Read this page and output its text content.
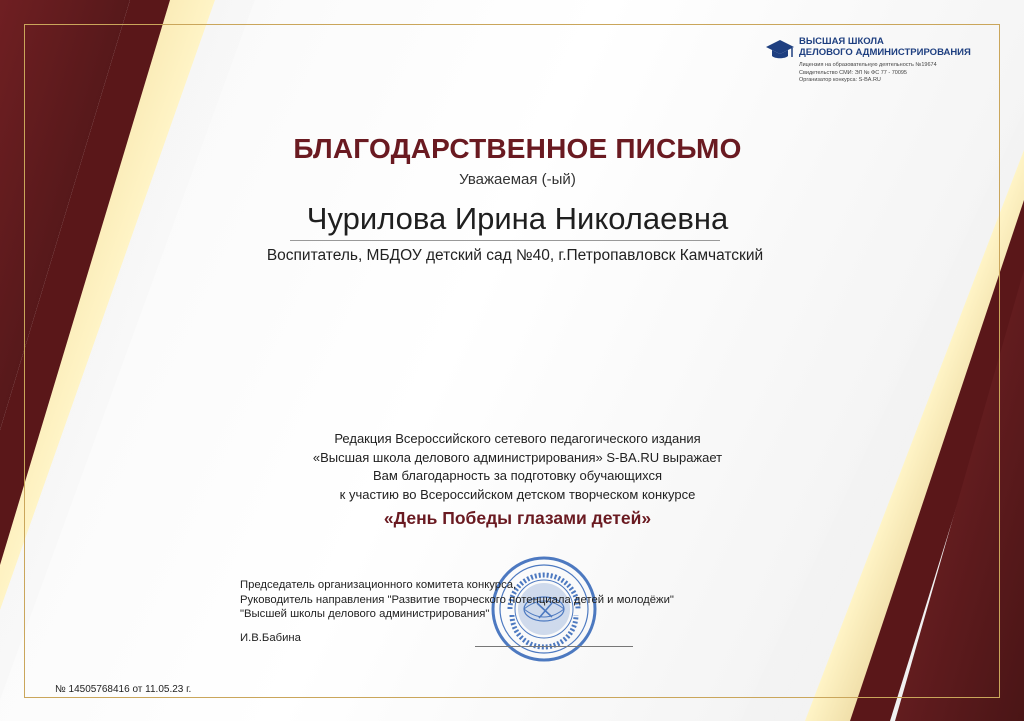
ВЫСШАЯ ШКОЛА
ДЕЛОВОГО АДМИНИСТРИРОВАНИЯ
Лицензия на образовательную деятельность №19674
Свидетельство СМИ: ЭЛ № ФС 77 - 70095
Организатор конкурса: S-BA.RU
БЛАГОДАРСТВЕННОЕ ПИСЬМО
Уважаемая (-ый)
Чурилова Ирина Николаевна
Воспитатель, МБДОУ детский сад №40, г.Петропавловск Камчатский
Редакция Всероссийского сетевого педагогического издания
«Высшая школа делового администрирования» S-BA.RU выражает
Вам благодарность за подготовку обучающихся
к участию во Всероссийском детском творческом конкурсе
«День Победы глазами детей»
Председатель организационного комитета конкурса,
Руководитель направления "Развитие творческого потенциала детей и молодёжи"
"Высшей школы делового администрирования"
И.В.Бабина
№ 14505768416 от 11.05.23 г.
